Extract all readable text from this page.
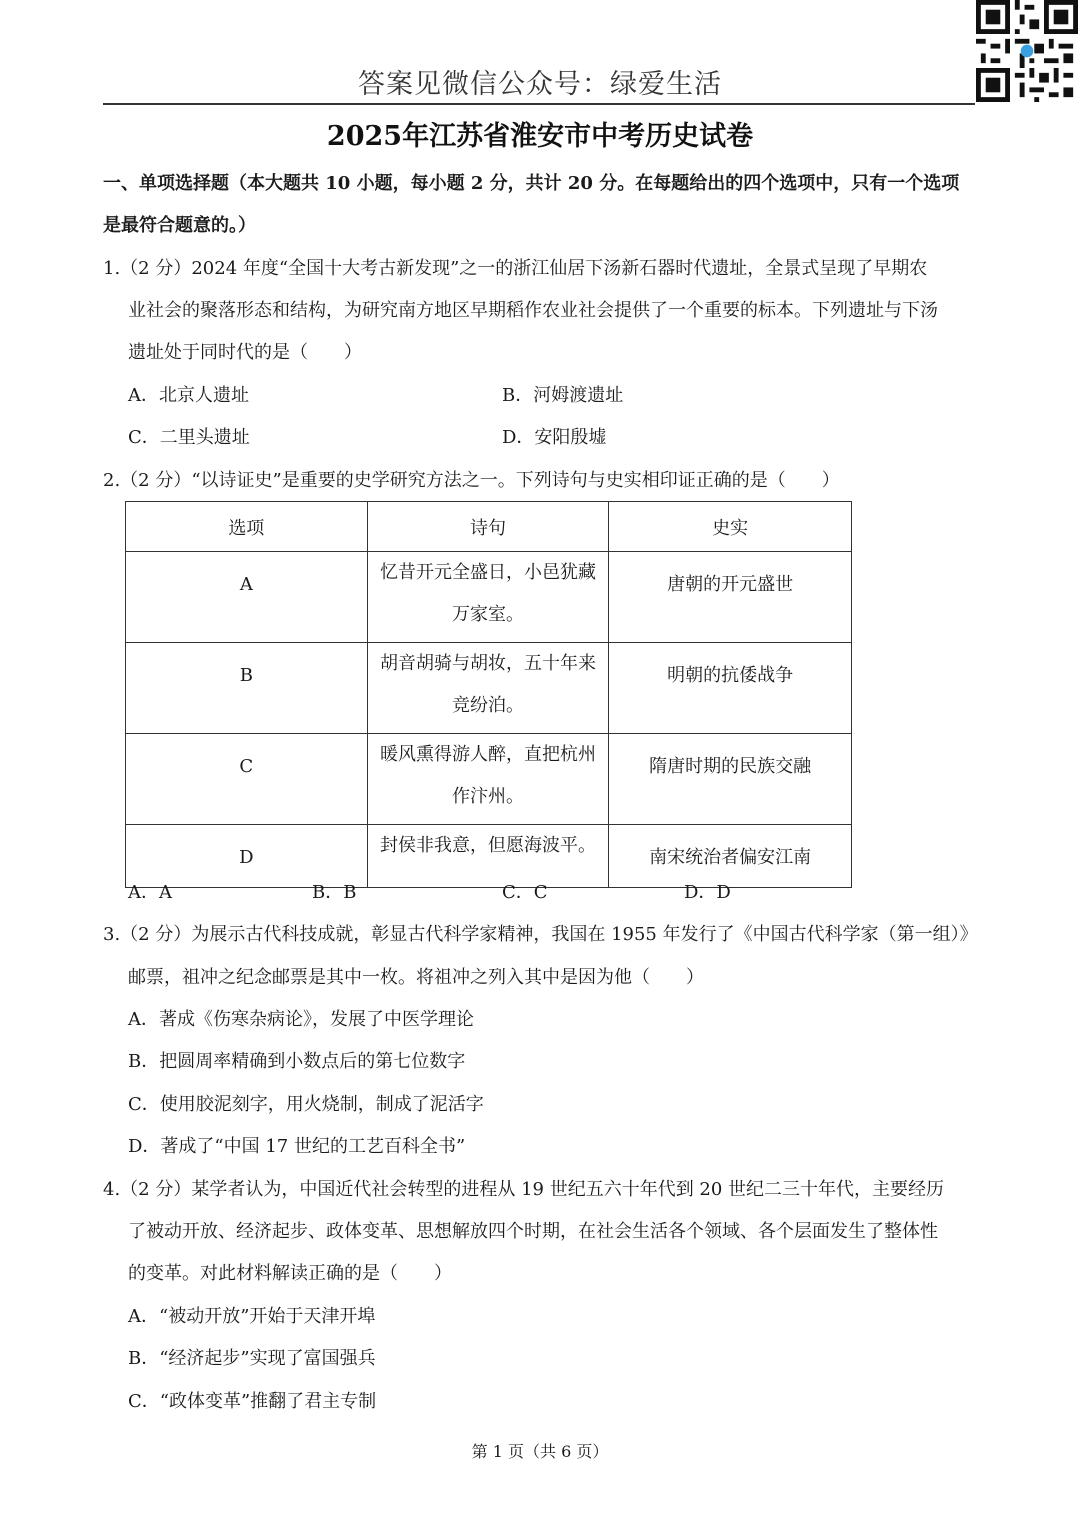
答案见微信公众号：绿爱生活
2025年江苏省淮安市中考历史试卷
一、单项选择题（本大题共 10 小题，每小题 2 分，共计 20 分。在每题给出的四个选项中，只有一个选项
是最符合题意的。）
1.（2 分）2024 年度“全国十大考古新发现”之一的浙江仙居下汤新石器时代遗址，全景式呈现了早期农
业社会的聚落形态和结构，为研究南方地区早期稻作农业社会提供了一个重要的标本。下列遗址与下汤
遗址处于同时代的是（　　）
A．北京人遗址	B．河姆渡遗址
C．二里头遗址	D．安阳殷墟
2.（2 分）“以诗证史”是重要的史学研究方法之一。下列诗句与史实相印证正确的是（　　）
选项	诗句	史实
A	忆昔开元全盛日，小邑犹藏
万家室。	唐朝的开元盛世
B	胡音胡骑与胡妆，五十年来
竞纷泊。	明朝的抗倭战争
C	暖风熏得游人醉，直把杭州
作汴州。	隋唐时期的民族交融
D	封侯非我意，但愿海波平。	南宋统治者偏安江南
A．A	B．B	C．C	D．D
3.（2 分）为展示古代科技成就，彰显古代科学家精神，我国在 1955 年发行了《中国古代科学家（第一组）》
邮票，祖冲之纪念邮票是其中一枚。将祖冲之列入其中是因为他（　　）
A．著成《伤寒杂病论》，发展了中医学理论
B．把圆周率精确到小数点后的第七位数字
C．使用胶泥刻字，用火烧制，制成了泥活字
D．著成了“中国 17 世纪的工艺百科全书”
4.（2 分）某学者认为，中国近代社会转型的进程从 19 世纪五六十年代到 20 世纪二三十年代，主要经历
了被动开放、经济起步、政体变革、思想解放四个时期，在社会生活各个领域、各个层面发生了整体性
的变革。对此材料解读正确的是（　　）
A．“被动开放”开始于天津开埠
B．“经济起步”实现了富国强兵
C．“政体变革”推翻了君主专制
第 1 页（共 6 页）
